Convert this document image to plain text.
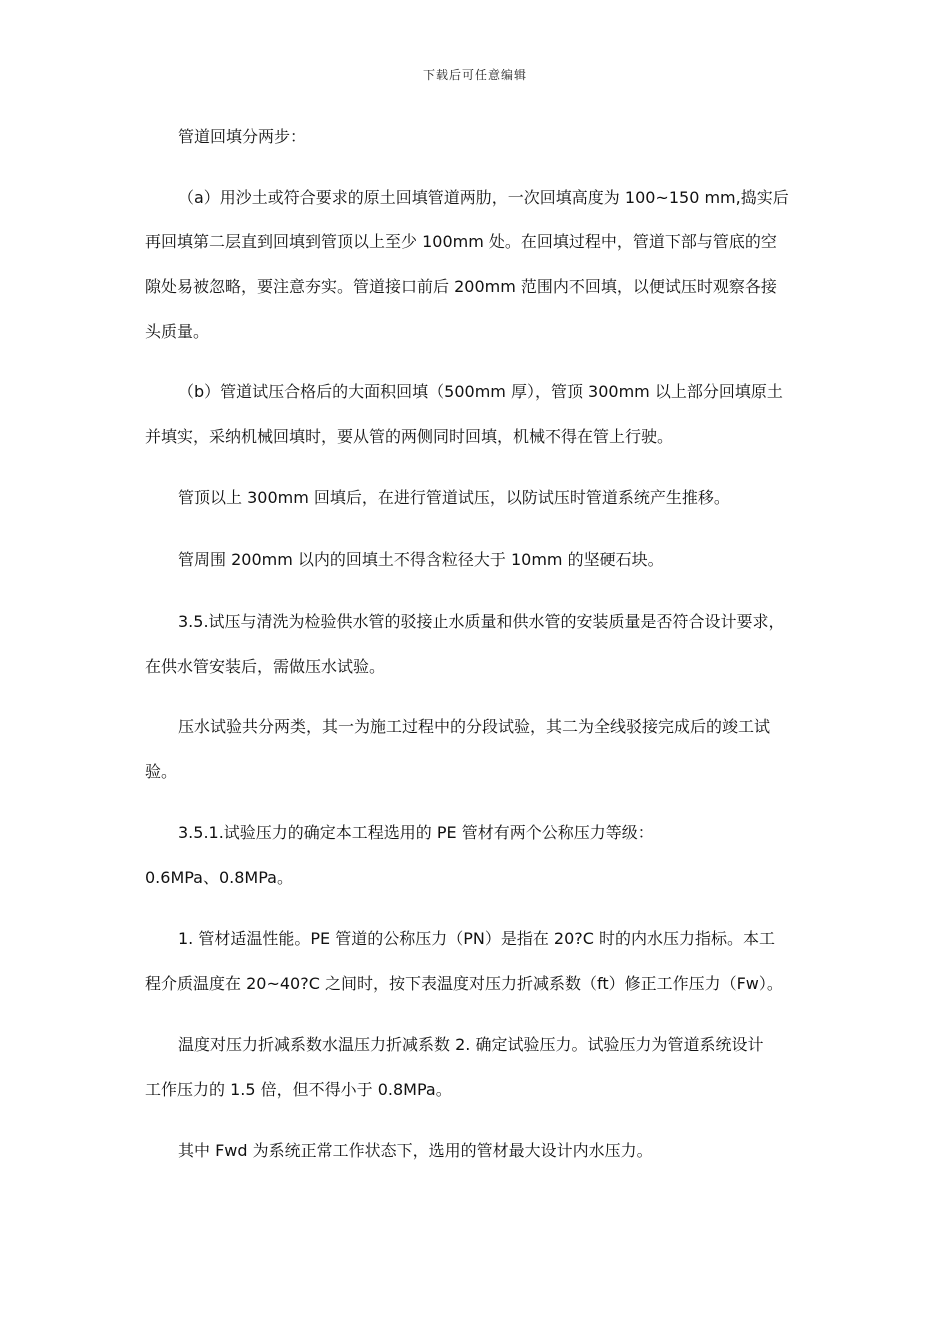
下载后可任意编辑
管道回填分两步：
（a）用沙土或符合要求的原土回填管道两肋，一次回填高度为 100~150 mm,捣实后
再回填第二层直到回填到管顶以上至少 100mm 处。在回填过程中，管道下部与管底的空
隙处易被忽略，要注意夯实。管道接口前后 200mm 范围内不回填，以便试压时观察各接
头质量。
（b）管道试压合格后的大面积回填（500mm 厚），管顶 300mm 以上部分回填原土
并填实，采纳机械回填时，要从管的两侧同时回填，机械不得在管上行驶。
管顶以上 300mm 回填后，在进行管道试压，以防试压时管道系统产生推移。
管周围 200mm 以内的回填土不得含粒径大于 10mm 的坚硬石块。
3.5.试压与清洗为检验供水管的驳接止水质量和供水管的安装质量是否符合设计要求，
在供水管安装后，需做压水试验。
压水试验共分两类，其一为施工过程中的分段试验，其二为全线驳接完成后的竣工试
验。
3.5.1.试验压力的确定本工程选用的 PE 管材有两个公称压力等级：
0.6MPa、0.8MPa。
1. 管材适温性能。PE 管道的公称压力（PN）是指在 20?C 时的内水压力指标。本工
程介质温度在 20~40?C 之间时，按下表温度对压力折减系数（ft）修正工作压力（Fw）。
温度对压力折减系数水温压力折减系数 2. 确定试验压力。试验压力为管道系统设计
工作压力的 1.5 倍，但不得小于 0.8MPa。
其中 Fwd 为系统正常工作状态下，选用的管材最大设计内水压力。
